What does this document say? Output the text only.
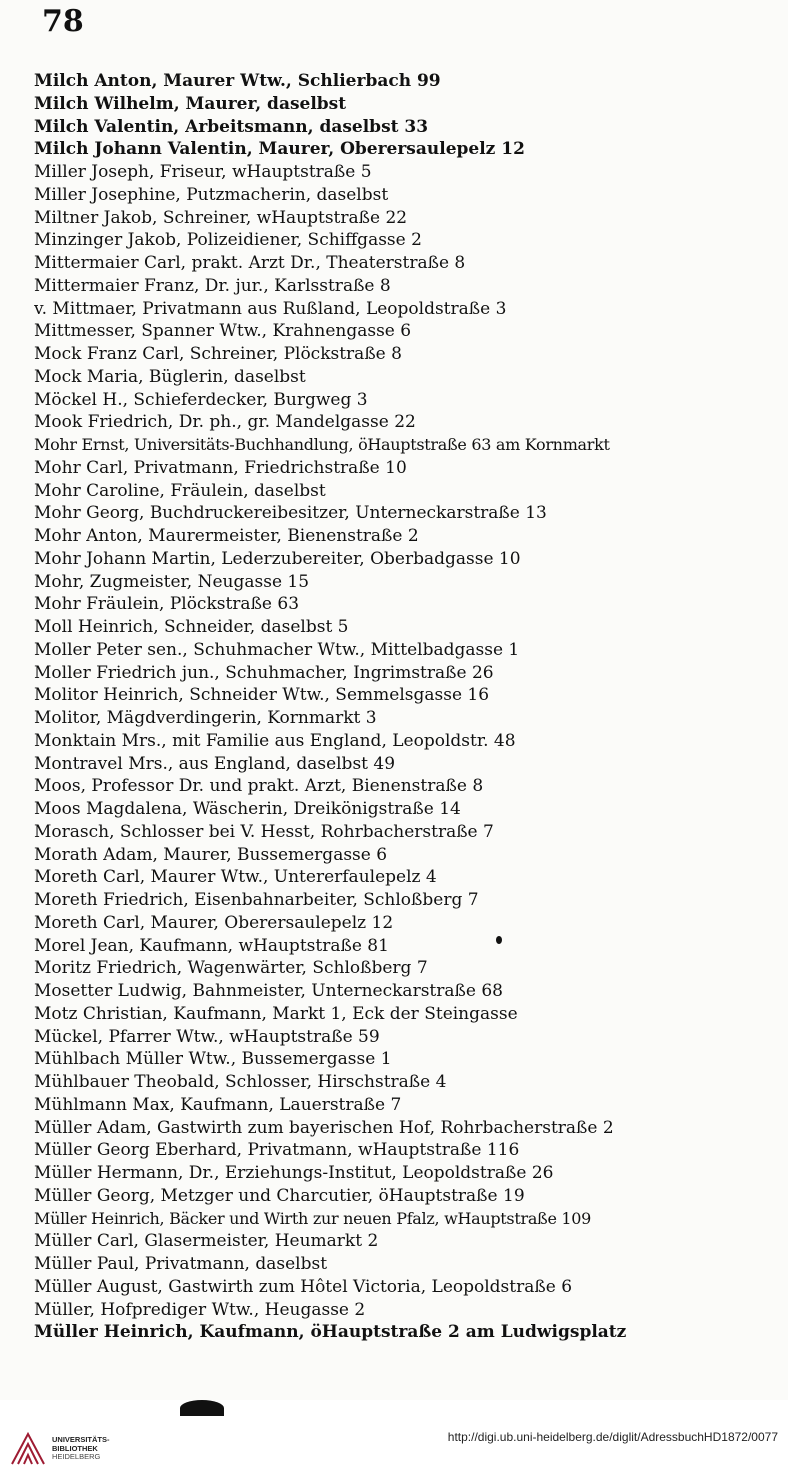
78
Milch Anton, Maurer Wtw., Schlierbach 99
Milch Wilhelm, Maurer, daselbst
Milch Valentin, Arbeitsmann, daselbst 33
Milch Johann Valentin, Maurer, Oberersaulepelz 12
Miller Joseph, Friseur, wHauptstraße 5
Miller Josephine, Putzmacherin, daselbst
Miltner Jakob, Schreiner, wHauptstraße 22
Minzinger Jakob, Polizeidiener, Schiffgasse 2
Mittermaier Carl, prakt. Arzt Dr., Theaterstraße 8
Mittermaier Franz, Dr. jur., Karlsstraße 8
v. Mittmaer, Privatmann aus Rußland, Leopoldstraße 3
Mittmesser, Spanner Wtw., Krahnengasse 6
Mock Franz Carl, Schreiner, Plöckstraße 8
Mock Maria, Büglerin, daselbst
Möckel H., Schieferdecker, Burgweg 3
Mook Friedrich, Dr. ph., gr. Mandelgasse 22
Mohr Ernst, Universitäts-Buchhandlung, öHauptstraße 63 am Kornmarkt
Mohr Carl, Privatmann, Friedrichstraße 10
Mohr Caroline, Fräulein, daselbst
Mohr Georg, Buchdruckereibesitzer, Unterneckarstraße 13
Mohr Anton, Maurermeister, Bienenstraße 2
Mohr Johann Martin, Lederzubereiter, Oberbadgasse 10
Mohr, Zugmeister, Neugasse 15
Mohr Fräulein, Plöckstraße 63
Moll Heinrich, Schneider, daselbst 5
Moller Peter sen., Schuhmacher Wtw., Mittelbadgasse 1
Moller Friedrich jun., Schuhmacher, Ingrimstraße 26
Molitor Heinrich, Schneider Wtw., Semmelsgasse 16
Molitor, Mägdverdingerin, Kornmarkt 3
Monktain Mrs., mit Familie aus England, Leopoldstr. 48
Montravel Mrs., aus England, daselbst 49
Moos, Professor Dr. und prakt. Arzt, Bienenstraße 8
Moos Magdalena, Wäscherin, Dreikönigstraße 14
Morasch, Schlosser bei V. Hesst, Rohrbacherstraße 7
Morath Adam, Maurer, Bussemergasse 6
Moreth Carl, Maurer Wtw., Untererfaulepelz 4
Moreth Friedrich, Eisenbahnarbeiter, Schloßberg 7
Moreth Carl, Maurer, Oberersaulepelz 12
Morel Jean, Kaufmann, wHauptstraße 81
Moritz Friedrich, Wagenwärter, Schloßberg 7
Mosetter Ludwig, Bahnmeister, Unterneckarstraße 68
Motz Christian, Kaufmann, Markt 1, Eck der Steingasse
Mückel, Pfarrer Wtw., wHauptstraße 59
Mühlbach Müller Wtw., Bussemergasse 1
Mühlbauer Theobald, Schlosser, Hirschstraße 4
Mühlmann Max, Kaufmann, Lauerstraße 7
Müller Adam, Gastwirth zum bayerischen Hof, Rohrbacherstraße 2
Müller Georg Eberhard, Privatmann, wHauptstraße 116
Müller Hermann, Dr., Erziehungs-Institut, Leopoldstraße 26
Müller Georg, Metzger und Charcutier, öHauptstraße 19
Müller Heinrich, Bäcker und Wirth zur neuen Pfalz, wHauptstraße 109
Müller Carl, Glasermeister, Heumarkt 2
Müller Paul, Privatmann, daselbst
Müller August, Gastwirth zum Hôtel Victoria, Leopoldstraße 6
Müller, Hofprediger Wtw., Heugasse 2
Müller Heinrich, Kaufmann, öHauptstraße 2 am Ludwigsplatz
UNIVERSITÄTS-
BIBLIOTHEK
HEIDELBERG
http://digi.ub.uni-heidelberg.de/diglit/AdressbuchHD1872/0077
